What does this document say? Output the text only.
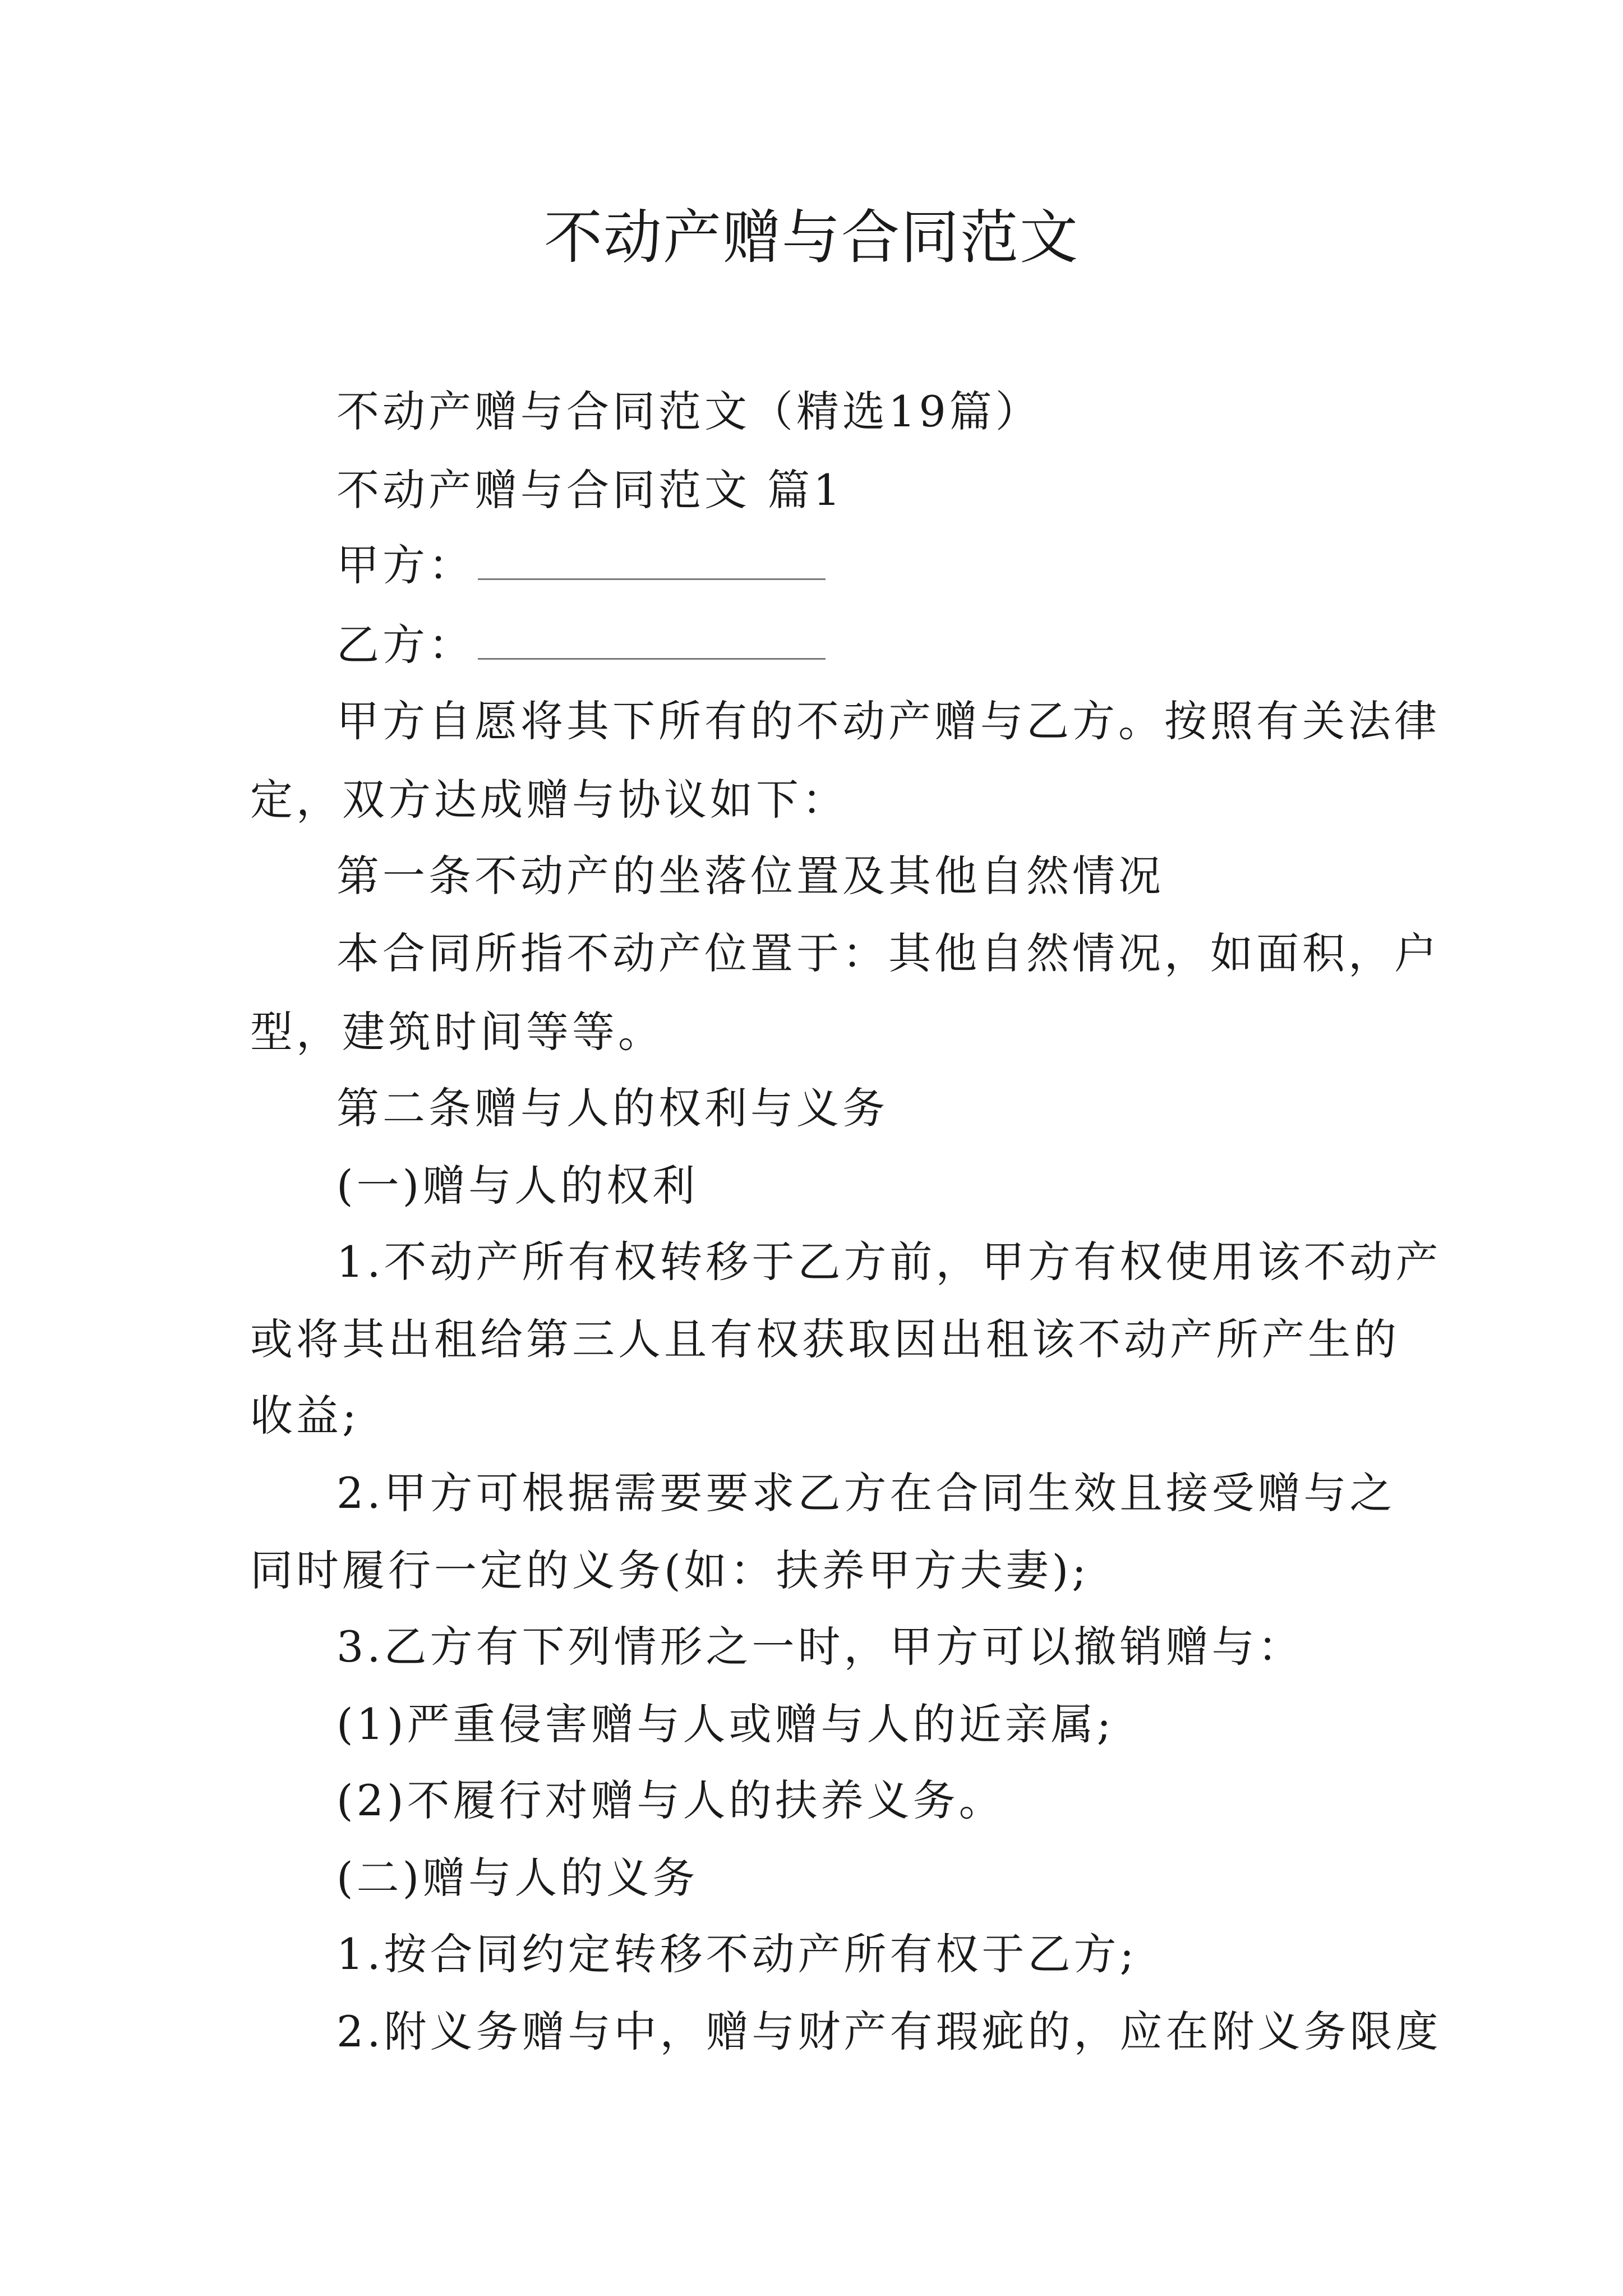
不动产赠与合同范文

不动产赠与合同范文（精选19篇）

不动产赠与合同范文 篇1

甲方：

乙方：

甲方自愿将其下所有的不动产赠与乙方。按照有关法律

定，双方达成赠与协议如下：

第一条不动产的坐落位置及其他自然情况

本合同所指不动产位置于：其他自然情况，如面积，户

型，建筑时间等等。

第二条赠与人的权利与义务

(一)赠与人的权利

1.不动产所有权转移于乙方前，甲方有权使用该不动产

或将其出租给第三人且有权获取因出租该不动产所产生的

收益;

2.甲方可根据需要要求乙方在合同生效且接受赠与之

同时履行一定的义务(如：扶养甲方夫妻);

3.乙方有下列情形之一时，甲方可以撤销赠与：

(1)严重侵害赠与人或赠与人的近亲属;

(2)不履行对赠与人的扶养义务。

(二)赠与人的义务

1.按合同约定转移不动产所有权于乙方;

2.附义务赠与中，赠与财产有瑕疵的，应在附义务限度
